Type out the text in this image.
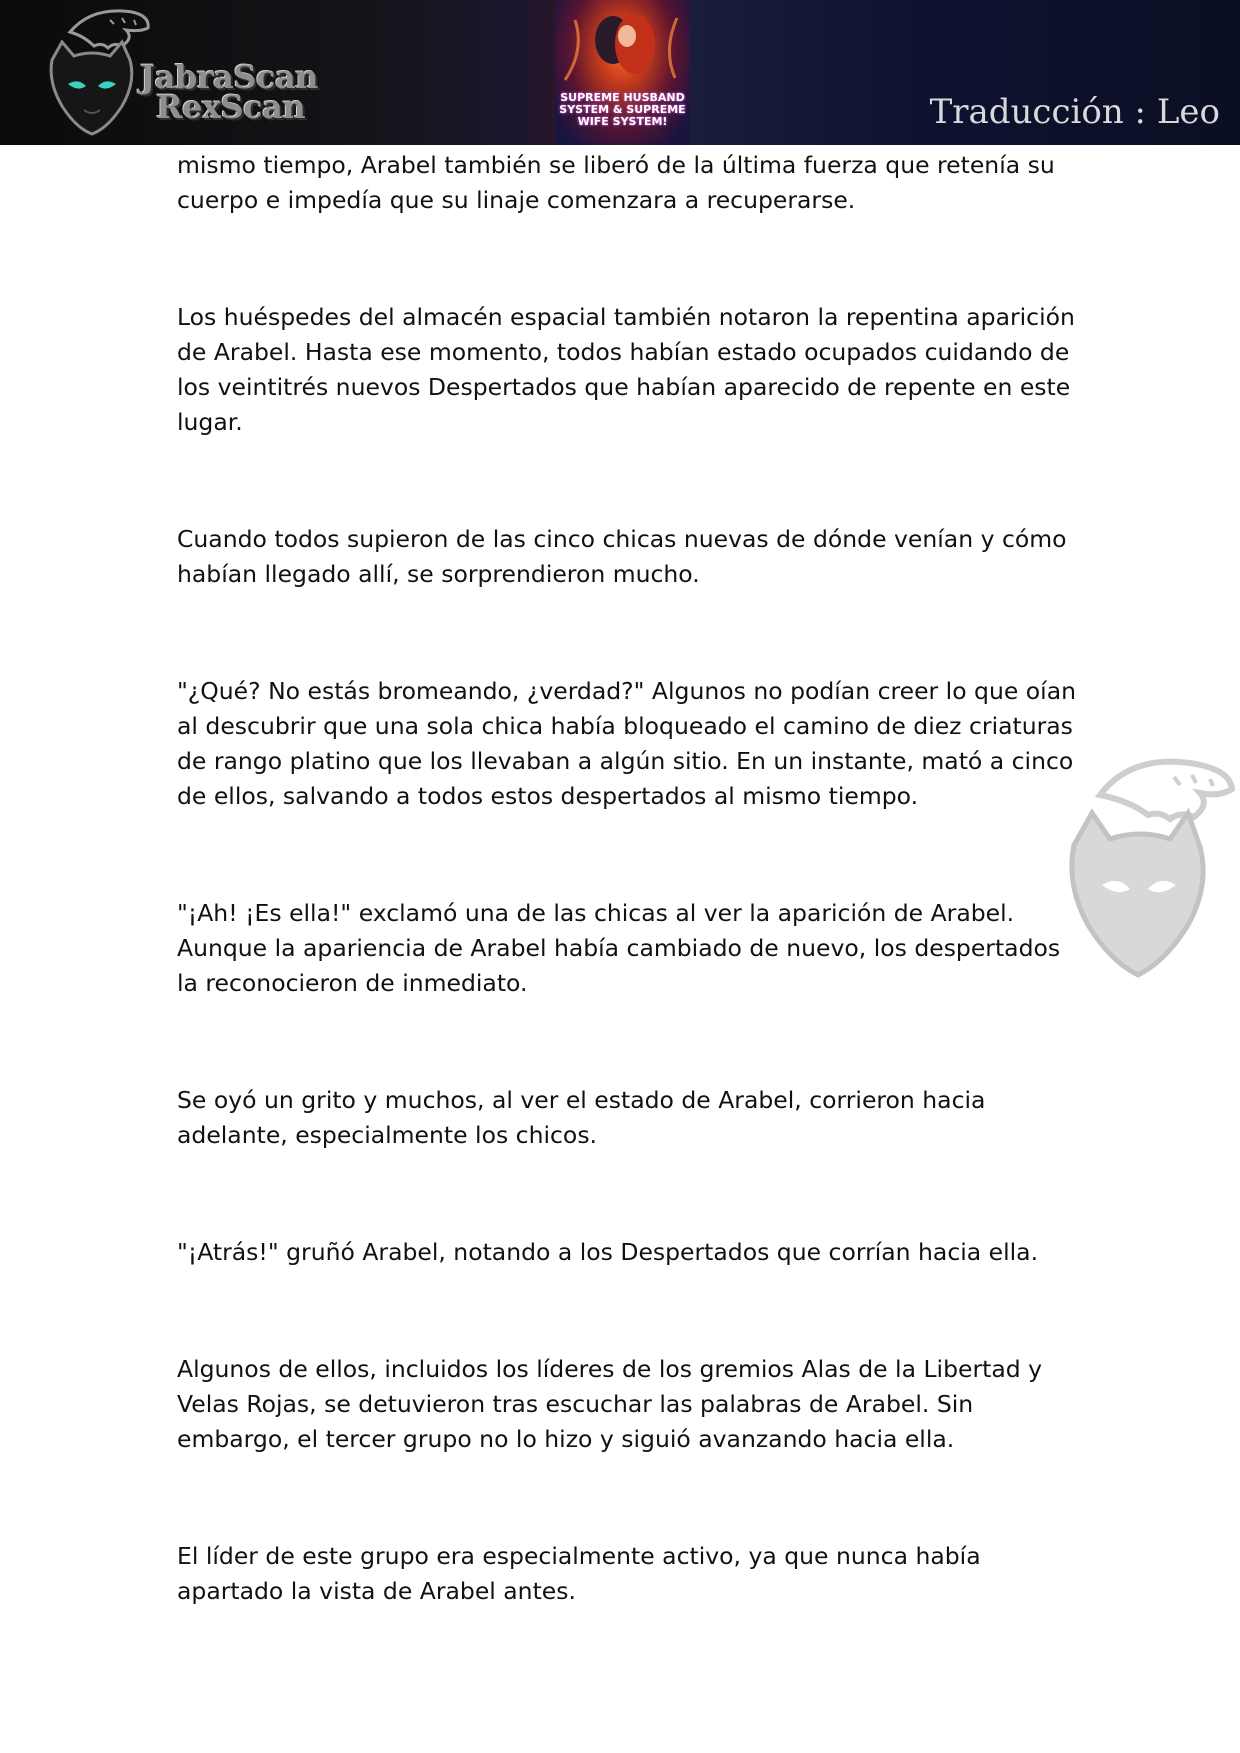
JabraScan
RexScan	SUPREME HUSBAND
SYSTEM & SUPREME
WIFE SYSTEM!	Traducción : Leo

mismo tiempo, Arabel también se liberó de la última fuerza que retenía su cuerpo e impedía que su linaje comenzara a recuperarse.

Los huéspedes del almacén espacial también notaron la repentina aparición de Arabel. Hasta ese momento, todos habían estado ocupados cuidando de los veintitrés nuevos Despertados que habían aparecido de repente en este lugar.

Cuando todos supieron de las cinco chicas nuevas de dónde venían y cómo habían llegado allí, se sorprendieron mucho.

"¿Qué? No estás bromeando, ¿verdad?" Algunos no podían creer lo que oían al descubrir que una sola chica había bloqueado el camino de diez criaturas de rango platino que los llevaban a algún sitio. En un instante, mató a cinco de ellos, salvando a todos estos despertados al mismo tiempo.

"¡Ah! ¡Es ella!" exclamó una de las chicas al ver la aparición de Arabel. Aunque la apariencia de Arabel había cambiado de nuevo, los despertados la reconocieron de inmediato.

Se oyó un grito y muchos, al ver el estado de Arabel, corrieron hacia adelante, especialmente los chicos.

"¡Atrás!" gruñó Arabel, notando a los Despertados que corrían hacia ella.

Algunos de ellos, incluidos los líderes de los gremios Alas de la Libertad y Velas Rojas, se detuvieron tras escuchar las palabras de Arabel. Sin embargo, el tercer grupo no lo hizo y siguió avanzando hacia ella.

El líder de este grupo era especialmente activo, ya que nunca había apartado la vista de Arabel antes.
